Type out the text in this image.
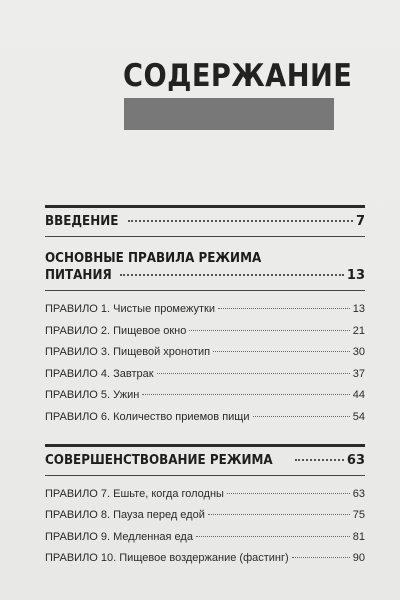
СОДЕРЖАНИЕ
ВВЕДЕНИЕ	7
ОСНОВНЫЕ ПРАВИЛА РЕЖИМА
ПИТАНИЯ	13
ПРАВИЛО 1. Чистые промежутки	13
ПРАВИЛО 2. Пищевое окно	21
ПРАВИЛО 3. Пищевой хронотип	30
ПРАВИЛО 4. Завтрак	37
ПРАВИЛО 5. Ужин	44
ПРАВИЛО 6. Количество приемов пищи	54
СОВЕРШЕНСТВОВАНИЕ РЕЖИМА	63
ПРАВИЛО 7. Ешьте, когда голодны	63
ПРАВИЛО 8. Пауза перед едой	75
ПРАВИЛО 9. Медленная еда	81
ПРАВИЛО 10. Пищевое воздержание (фастинг)	90
